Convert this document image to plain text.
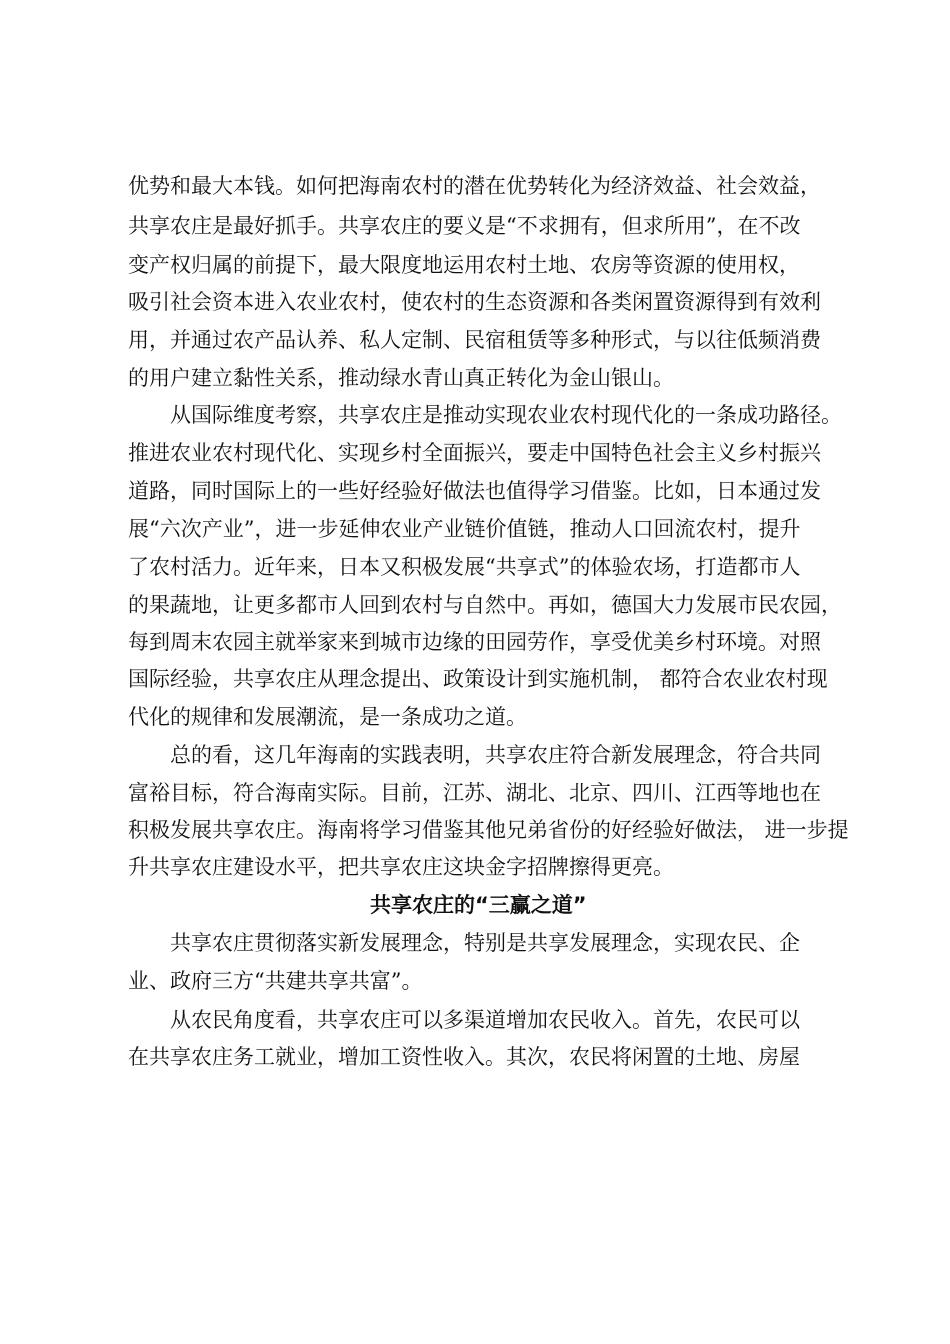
优势和最大本钱。如何把海南农村的潜在优势转化为经济效益、社会效益，
共享农庄是最好抓手。共享农庄的要义是“不求拥有，但求所用”，在不改
变产权归属的前提下，最大限度地运用农村土地、农房等资源的使用权，
吸引社会资本进入农业农村，使农村的生态资源和各类闲置资源得到有效利
用，并通过农产品认养、私人定制、民宿租赁等多种形式，与以往低频消费
的用户建立黏性关系，推动绿水青山真正转化为金山银山。
从国际维度考察，共享农庄是推动实现农业农村现代化的一条成功路径。
推进农业农村现代化、实现乡村全面振兴，要走中国特色社会主义乡村振兴
道路，同时国际上的一些好经验好做法也值得学习借鉴。比如，日本通过发
展“六次产业”，进一步延伸农业产业链价值链，推动人口回流农村，提升
了农村活力。近年来，日本又积极发展“共享式”的体验农场，打造都市人
的果蔬地，让更多都市人回到农村与自然中。再如，德国大力发展市民农园，
每到周末农园主就举家来到城市边缘的田园劳作，享受优美乡村环境。对照
国际经验，共享农庄从理念提出、政策设计到实施机制， 都符合农业农村现
代化的规律和发展潮流，是一条成功之道。
总的看，这几年海南的实践表明，共享农庄符合新发展理念，符合共同
富裕目标，符合海南实际。目前，江苏、湖北、北京、四川、江西等地也在
积极发展共享农庄。海南将学习借鉴其他兄弟省份的好经验好做法， 进一步提
升共享农庄建设水平，把共享农庄这块金字招牌擦得更亮。
共享农庄的“三赢之道”
共享农庄贯彻落实新发展理念，特别是共享发展理念，实现农民、企
业、政府三方“共建共享共富”。
从农民角度看，共享农庄可以多渠道增加农民收入。首先，农民可以
在共享农庄务工就业，增加工资性收入。其次，农民将闲置的土地、房屋
